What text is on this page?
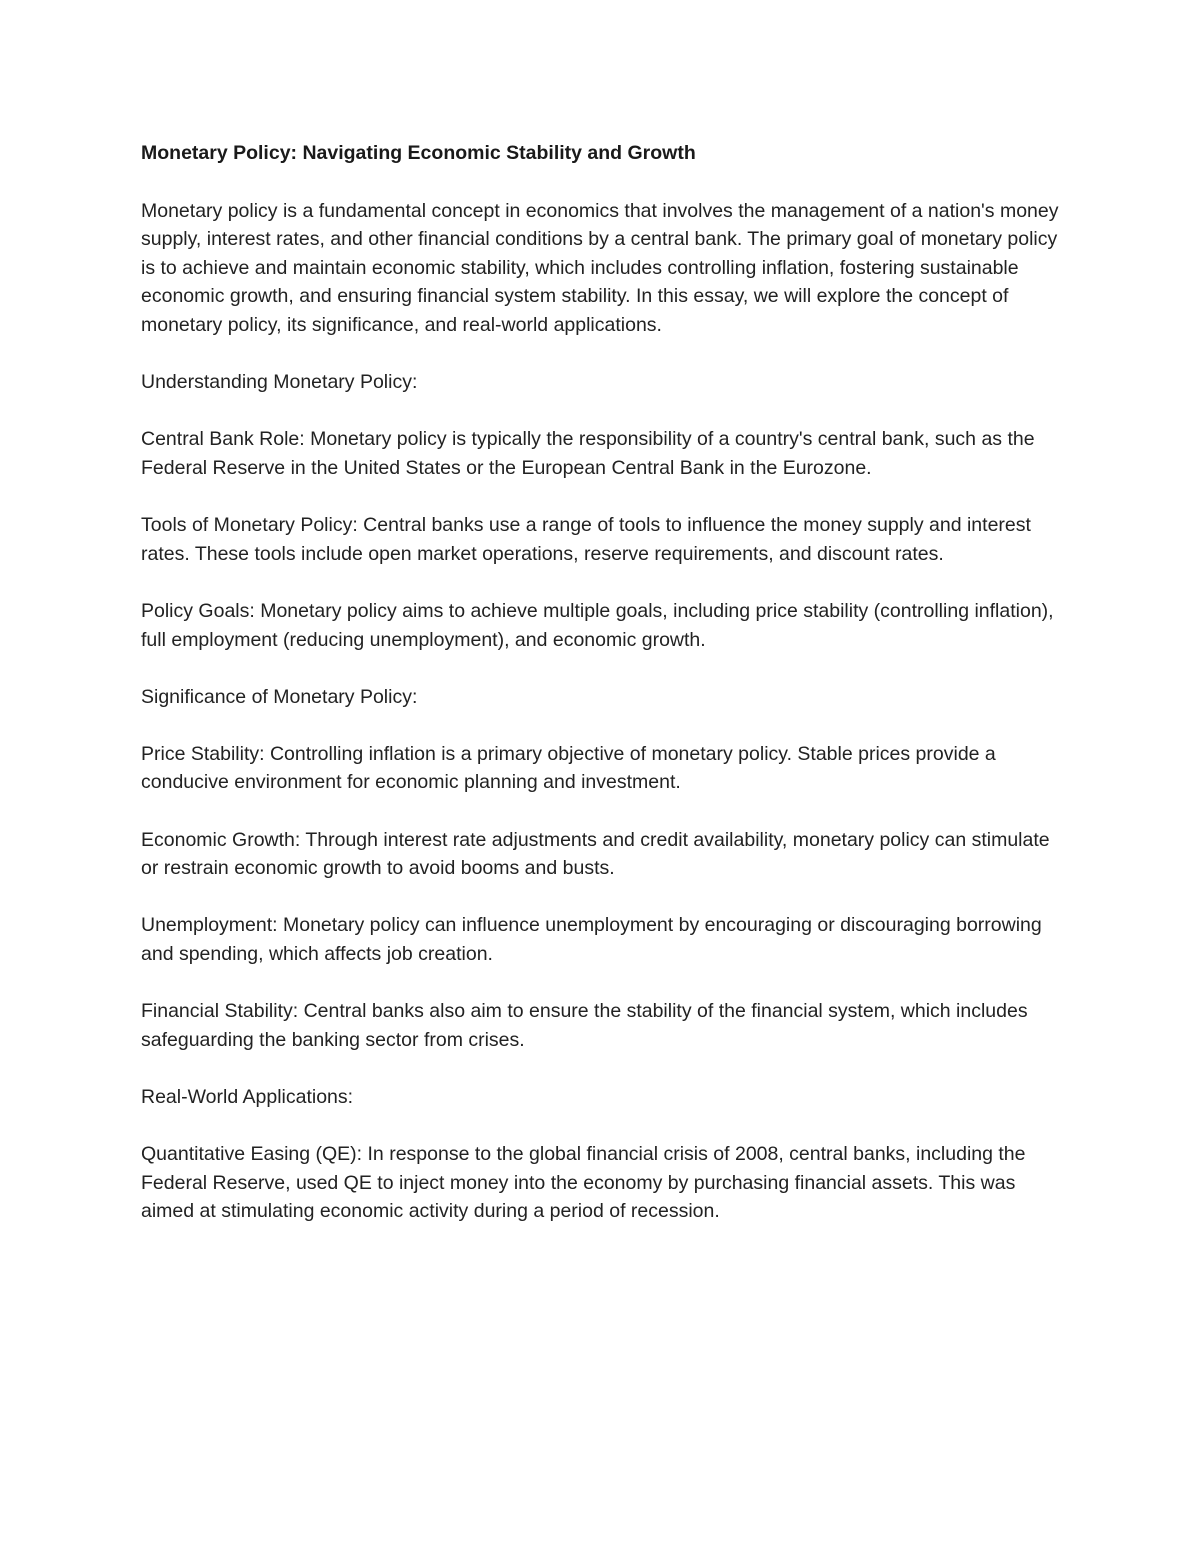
Monetary Policy: Navigating Economic Stability and Growth

Monetary policy is a fundamental concept in economics that involves the management of a nation's money supply, interest rates, and other financial conditions by a central bank. The primary goal of monetary policy is to achieve and maintain economic stability, which includes controlling inflation, fostering sustainable economic growth, and ensuring financial system stability. In this essay, we will explore the concept of monetary policy, its significance, and real-world applications.

Understanding Monetary Policy:

Central Bank Role: Monetary policy is typically the responsibility of a country's central bank, such as the Federal Reserve in the United States or the European Central Bank in the Eurozone.

Tools of Monetary Policy: Central banks use a range of tools to influence the money supply and interest rates. These tools include open market operations, reserve requirements, and discount rates.

Policy Goals: Monetary policy aims to achieve multiple goals, including price stability (controlling inflation), full employment (reducing unemployment), and economic growth.

Significance of Monetary Policy:

Price Stability: Controlling inflation is a primary objective of monetary policy. Stable prices provide a conducive environment for economic planning and investment.

Economic Growth: Through interest rate adjustments and credit availability, monetary policy can stimulate or restrain economic growth to avoid booms and busts.

Unemployment: Monetary policy can influence unemployment by encouraging or discouraging borrowing and spending, which affects job creation.

Financial Stability: Central banks also aim to ensure the stability of the financial system, which includes safeguarding the banking sector from crises.

Real-World Applications:

Quantitative Easing (QE): In response to the global financial crisis of 2008, central banks, including the Federal Reserve, used QE to inject money into the economy by purchasing financial assets. This was aimed at stimulating economic activity during a period of recession.
